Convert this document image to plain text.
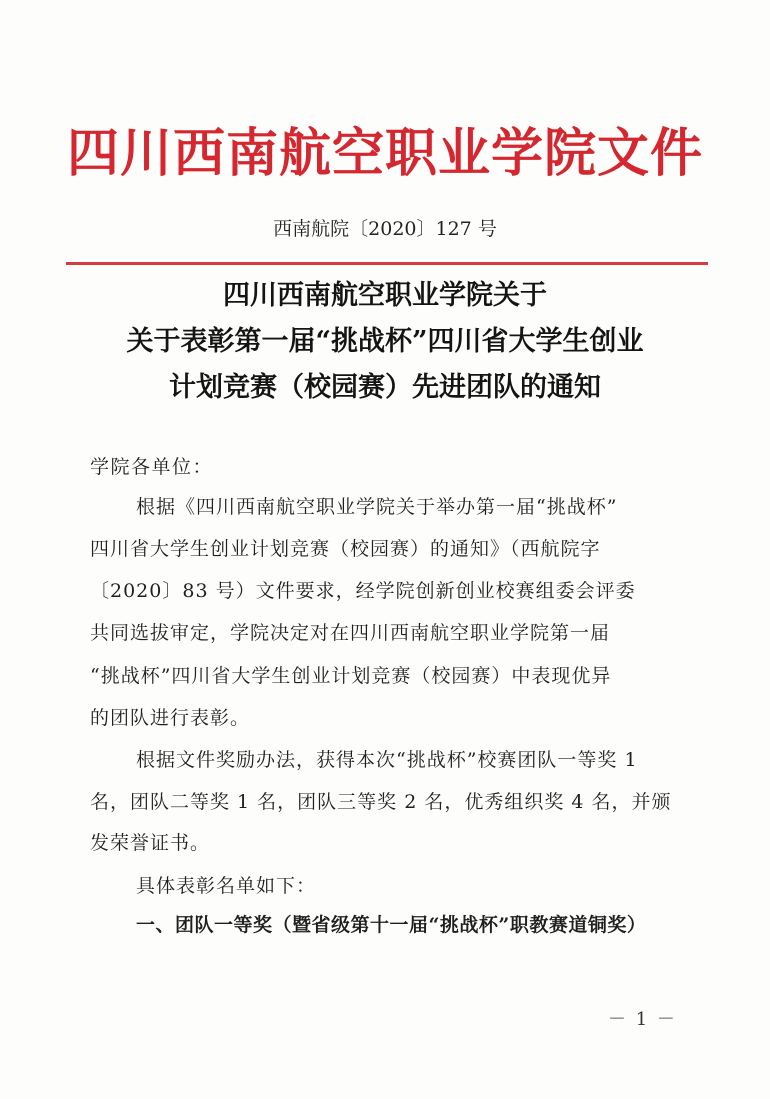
四川西南航空职业学院文件
西南航院〔2020〕127 号
四川西南航空职业学院关于
关于表彰第一届“挑战杯”四川省大学生创业
计划竞赛（校园赛）先进团队的通知
学院各单位：
根据《四川西南航空职业学院关于举办第一届“挑战杯”
四川省大学生创业计划竞赛（校园赛）的通知》（西航院字
〔2020〕83 号）文件要求，经学院创新创业校赛组委会评委
共同选拔审定，学院决定对在四川西南航空职业学院第一届
“挑战杯”四川省大学生创业计划竞赛（校园赛）中表现优异
的团队进行表彰。
根据文件奖励办法，获得本次“挑战杯”校赛团队一等奖 1
名，团队二等奖 1 名，团队三等奖 2 名，优秀组织奖 4 名，并颁
发荣誉证书。
具体表彰名单如下：
一、团队一等奖（暨省级第十一届“挑战杯”职教赛道铜奖）
－ 1 －
